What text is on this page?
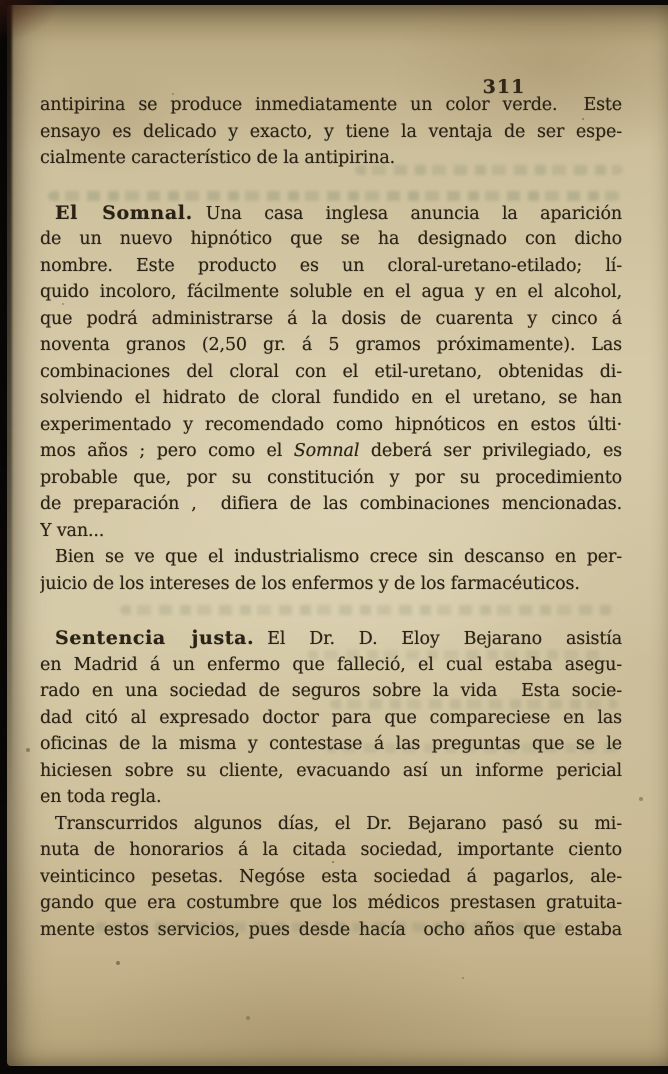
311
antipirina se produce inmediatamente un color verde.  Este
ensayo es delicado y exacto, y tiene la ventaja de ser espe-
cialmente característico de la antipirina.
El Somnal. Una casa inglesa anuncia la aparición
de un nuevo hipnótico que se ha designado con dicho
nombre. Este producto es un cloral-uretano-etilado; lí-
quido incoloro, fácilmente soluble en el agua y en el alcohol,
que podrá administrarse á la dosis de cuarenta y cinco á
noventa granos (2,50 gr. á 5 gramos próximamente). Las
combinaciones del cloral con el etil-uretano, obtenidas di-
solviendo el hidrato de cloral fundido en el uretano, se han
experimentado y recomendado como hipnóticos en estos últi·
mos años ; pero como el Somnal deberá ser privilegiado, es
probable que, por su constitución y por su procedimiento
de preparación ,  difiera de las combinaciones mencionadas.
Y van...
Bien se ve que el industrialismo crece sin descanso en per-
juicio de los intereses de los enfermos y de los farmacéuticos.
Sentencia justa. El Dr. D. Eloy Bejarano asistía
en Madrid á un enfermo que falleció, el cual estaba asegu-
rado en una sociedad de seguros sobre la vida  Esta socie-
dad citó al expresado doctor para que compareciese en las
oficinas de la misma y contestase á las preguntas que se le
hiciesen sobre su cliente, evacuando así un informe pericial
en toda regla.
Transcurridos algunos días, el Dr. Bejarano pasó su mi-
nuta de honorarios á la citada sociedad, importante ciento
veinticinco pesetas. Negóse esta sociedad á pagarlos, ale-
gando que era costumbre que los médicos prestasen gratuita-
mente estos servicios, pues desde hacía  ocho años que estaba
